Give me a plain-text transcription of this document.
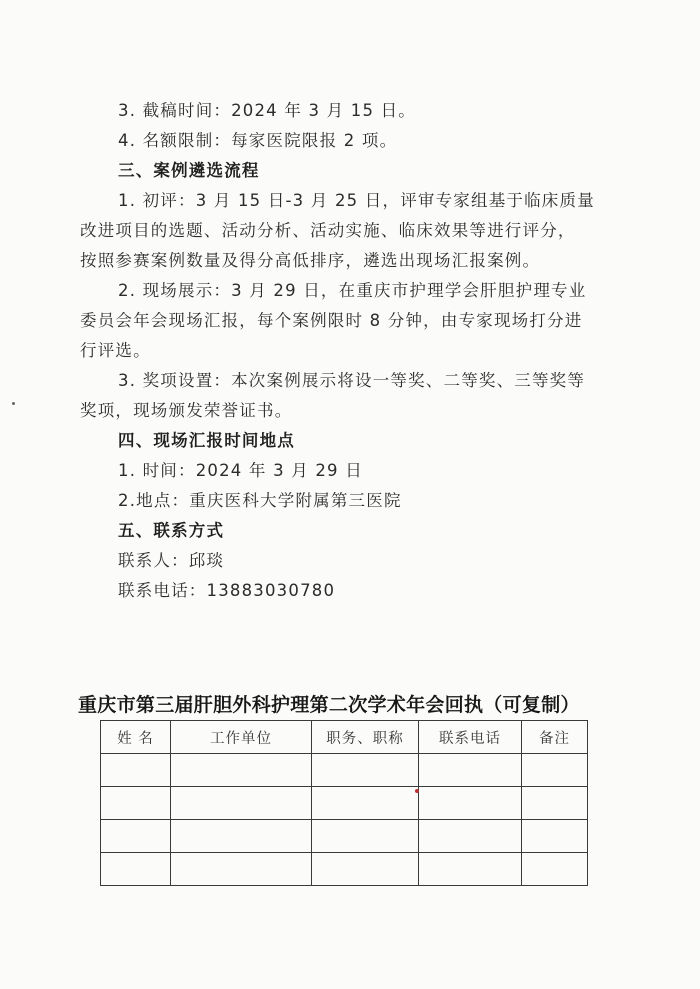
3. 截稿时间：2024 年 3 月 15 日。
4. 名额限制：每家医院限报 2 项。
三、案例遴选流程
1. 初评：3 月 15 日-3 月 25 日，评审专家组基于临床质量
改进项目的选题、活动分析、活动实施、临床效果等进行评分，
按照参赛案例数量及得分高低排序，遴选出现场汇报案例。
2. 现场展示：3 月 29 日，在重庆市护理学会肝胆护理专业
委员会年会现场汇报，每个案例限时 8 分钟，由专家现场打分进
行评选。
3. 奖项设置：本次案例展示将设一等奖、二等奖、三等奖等
奖项，现场颁发荣誉证书。
四、现场汇报时间地点
1. 时间：2024 年 3 月 29 日
2.地点：重庆医科大学附属第三医院
五、联系方式
联系人：邱琰
联系电话：13883030780
重庆市第三届肝胆外科护理第二次学术年会回执（可复制）
姓 名	工作单位	职务、职称	联系电话	备注
